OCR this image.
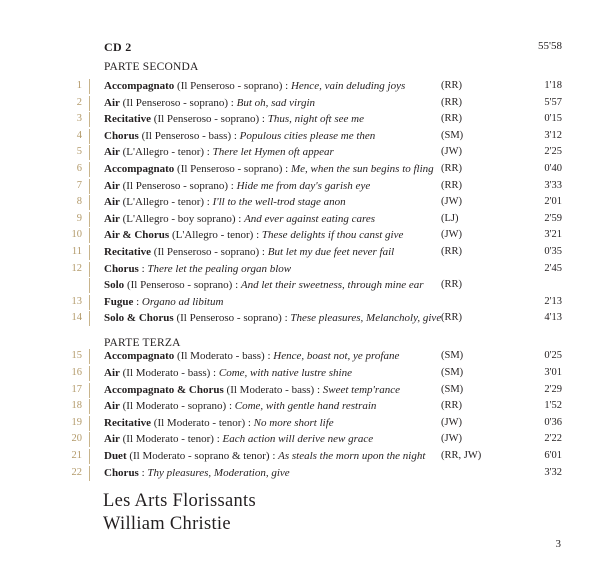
CD 2	55'58
PARTE SECONDA
PARTE TERZA
1 Accompagnato (Il Penseroso - soprano) : Hence, vain deluding joys	(RR)	1'18
2 Air (Il Penseroso - soprano) : But oh, sad virgin	(RR)	5'57
3 Recitative (Il Penseroso - soprano) : Thus, night oft see me	(RR)	0'15
4 Chorus (Il Penseroso - bass) : Populous cities please me then	(SM)	3'12
5 Air (L'Allegro - tenor) : There let Hymen oft appear	(JW)	2'25
6 Accompagnato (Il Penseroso - soprano) : Me, when the sun begins to fling (RR)	0'40
7 Air (Il Penseroso - soprano) : Hide me from day's garish eye	(RR)	3'33
8 Air (L'Allegro - tenor) : I'll to the well-trod stage anon	(JW)	2'01
9 Air (L'Allegro - boy soprano) : And ever against eating cares	(LJ)	2'59
10 Air & Chorus (L'Allegro - tenor) : These delights if thou canst give	(JW)	3'21
11 Recitative (Il Penseroso - soprano) : But let my due feet never fail	(RR)	0'35
12 Chorus : There let the pealing organ blow	2'45
Solo (Il Penseroso - soprano) : And let their sweetness, through mine ear (RR)
13 Fugue : Organo ad libitum	2'13
14 Solo & Chorus (Il Penseroso - soprano) : These pleasures, Melancholy, give (RR)	4'13
15 Accompagnato (Il Moderato - bass) : Hence, boast not, ye profane	(SM)	0'25
16 Air (Il Moderato - bass) : Come, with native lustre shine	(SM)	3'01
17 Accompagnato & Chorus (Il Moderato - bass) : Sweet temp'rance	(SM)	2'29
18 Air (Il Moderato - soprano) : Come, with gentle hand restrain	(RR)	1'52
19 Recitative (Il Moderato - tenor) : No more short life	(JW)	0'36
20 Air (Il Moderato - tenor) : Each action will derive new grace	(JW)	2'22
21 Duet (Il Moderato - soprano & tenor) : As steals the morn upon the night (RR, JW)	6'01
22 Chorus : Thy pleasures, Moderation, give	3'32
Les Arts Florissants
William Christie
3
